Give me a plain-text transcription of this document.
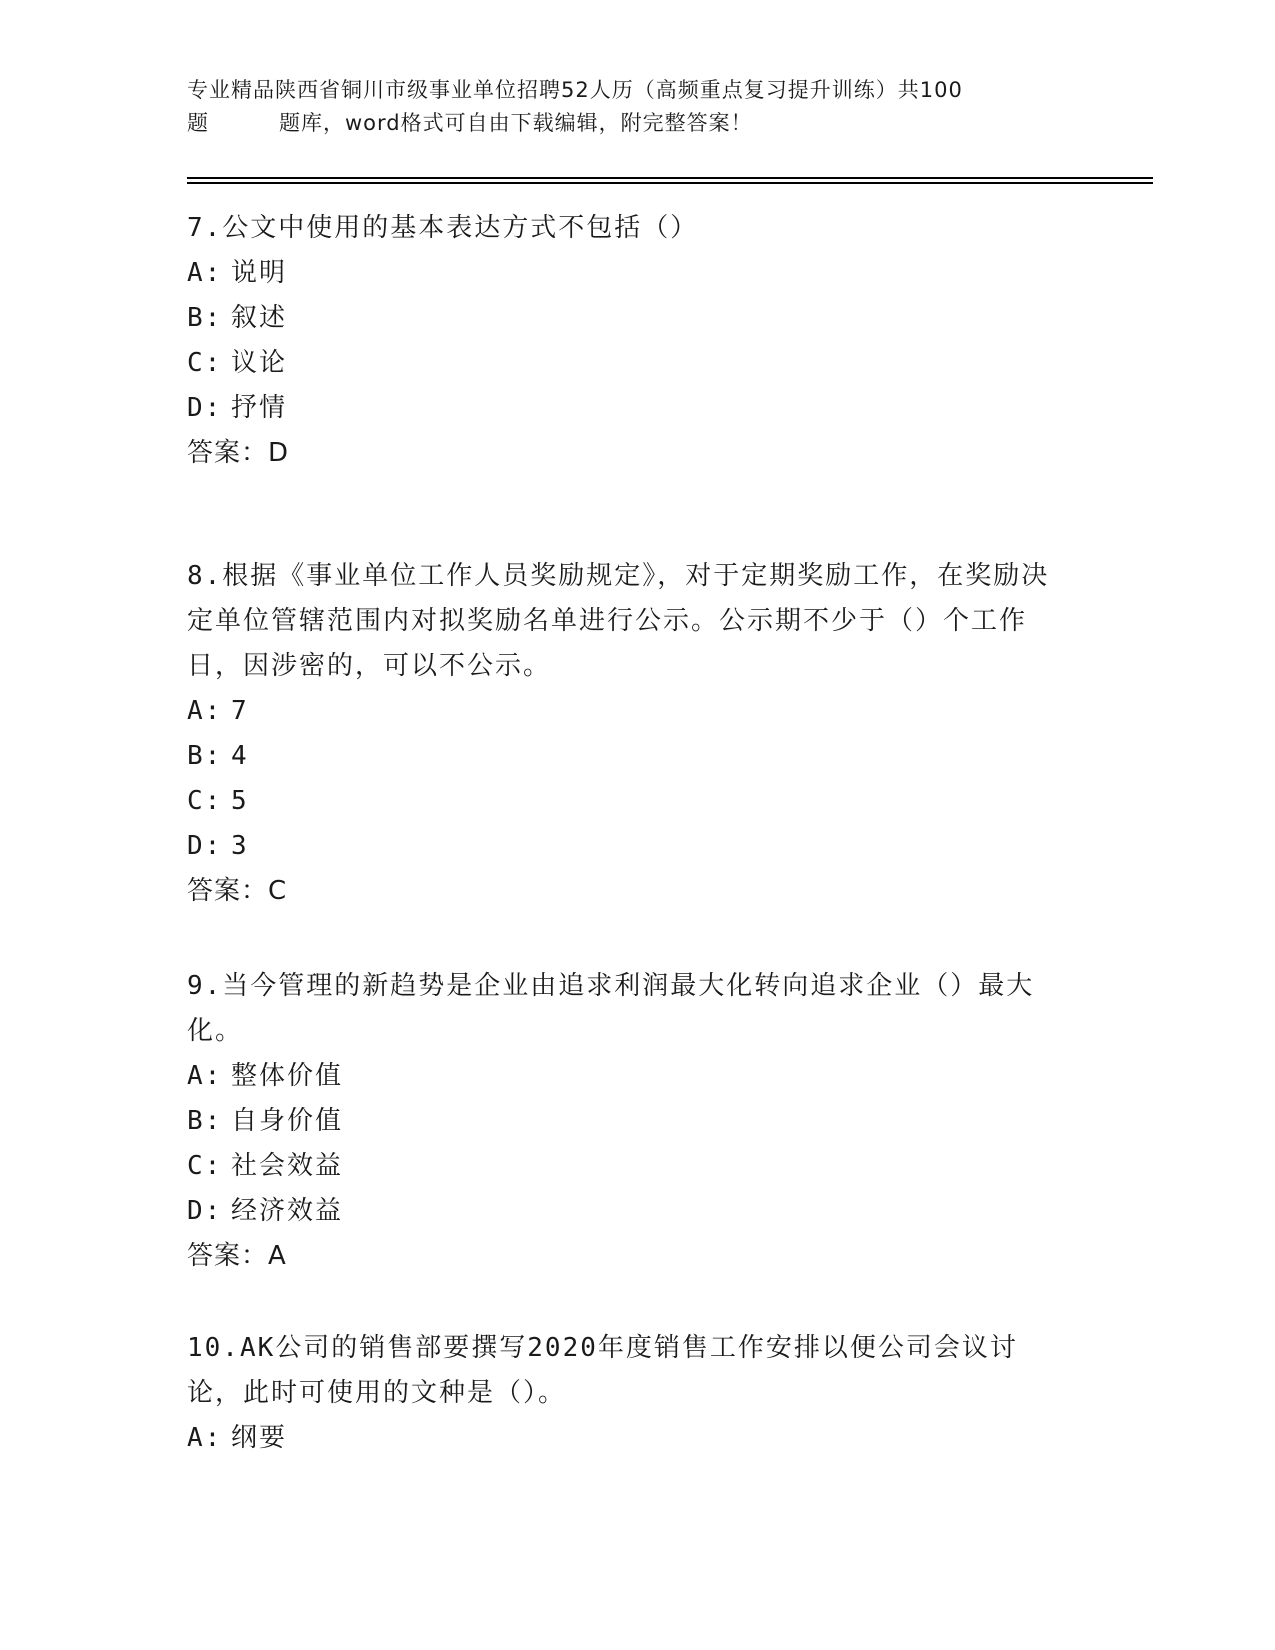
专业精品陕西省铜川市级事业单位招聘52人历（高频重点复习提升训练）共100
题	题库，word格式可自由下载编辑，附完整答案！

7.公文中使用的基本表达方式不包括（）

A: 说明

B: 叙述

C: 议论

D: 抒情

答案：D

8.根据《事业单位工作人员奖励规定》，对于定期奖励工作，在奖励决定单位管辖范围内对拟奖励名单进行公示。公示期不少于（）个工作日，因涉密的，可以不公示。

A: 7

B: 4

C: 5

D: 3

答案：C

9.当今管理的新趋势是企业由追求利润最大化转向追求企业（）最大化。

A: 整体价值

B: 自身价值

C: 社会效益

D: 经济效益

答案：A

10.AK公司的销售部要撰写2020年度销售工作安排以便公司会议讨论，此时可使用的文种是（）。

A: 纲要
